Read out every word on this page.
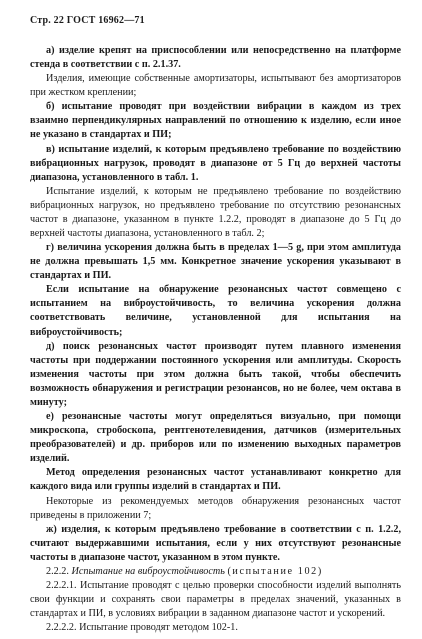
Стр. 22 ГОСТ 16962—71

а) изделие крепят на приспособлении или непосредственно на платформе стенда в соответствии с п. 2.1.37.

Изделия, имеющие собственные амортизаторы, испытывают без амортизаторов при жестком креплении;

б) испытание проводят при воздействии вибрации в каждом из трех взаимно перпендикулярных направлений по отношению к изделию, если иное не указано в стандартах и ПИ;

в) испытание изделий, к которым предъявлено требование по воздействию вибрационных нагрузок, проводят в диапазоне от 5 Гц до верхней частоты диапазона, установленного в табл. 1.

Испытание изделий, к которым не предъявлено требование по воздействию вибрационных нагрузок, но предъявлено требование по отсутствию резонансных частот в диапазоне, указанном в пункте 1.2.2, проводят в диапазоне до 5 Гц до верхней частоты диапазона, установленного в табл. 2;

г) величина ускорения должна быть в пределах 1—5 g, при этом амплитуда не должна превышать 1,5 мм. Конкретное значение ускорения указывают в стандартах и ПИ.

Если испытание на обнаружение резонансных частот совмещено с испытанием на виброустойчивость, то величина ускорения должна соответствовать величине, установленной для испытания на виброустойчивость;

д) поиск резонансных частот производят путем плавного изменения частоты при поддержании постоянного ускорения или амплитуды. Скорость изменения частоты при этом должна быть такой, чтобы обеспечить возможность обнаружения и регистрации резонансов, но не более, чем октава в минуту;

е) резонансные частоты могут определяться визуально, при помощи микроскопа, стробоскопа, рентгенотелевидения, датчиков (измерительных преобразователей) и др. приборов или по изменению выходных параметров изделий.

Метод определения резонансных частот устанавливают конкретно для каждого вида или группы изделий в стандартах и ПИ.

Некоторые из рекомендуемых методов обнаружения резонансных частот приведены в приложении 7;

ж) изделия, к которым предъявлено требование в соответствии с п. 1.2.2, считают выдержавшими испытания, если у них отсутствуют резонансные частоты в диапазоне частот, указанном в этом пункте.

2.2.2. Испытание на виброустойчивость (испытание 102)

2.2.2.1. Испытание проводят с целью проверки способности изделий выполнять свои функции и сохранять свои параметры в пределах значений, указанных в стандартах и ПИ, в условиях вибрации в заданном диапазоне частот и ускорений.

2.2.2.2. Испытание проводят методом 102-1.
